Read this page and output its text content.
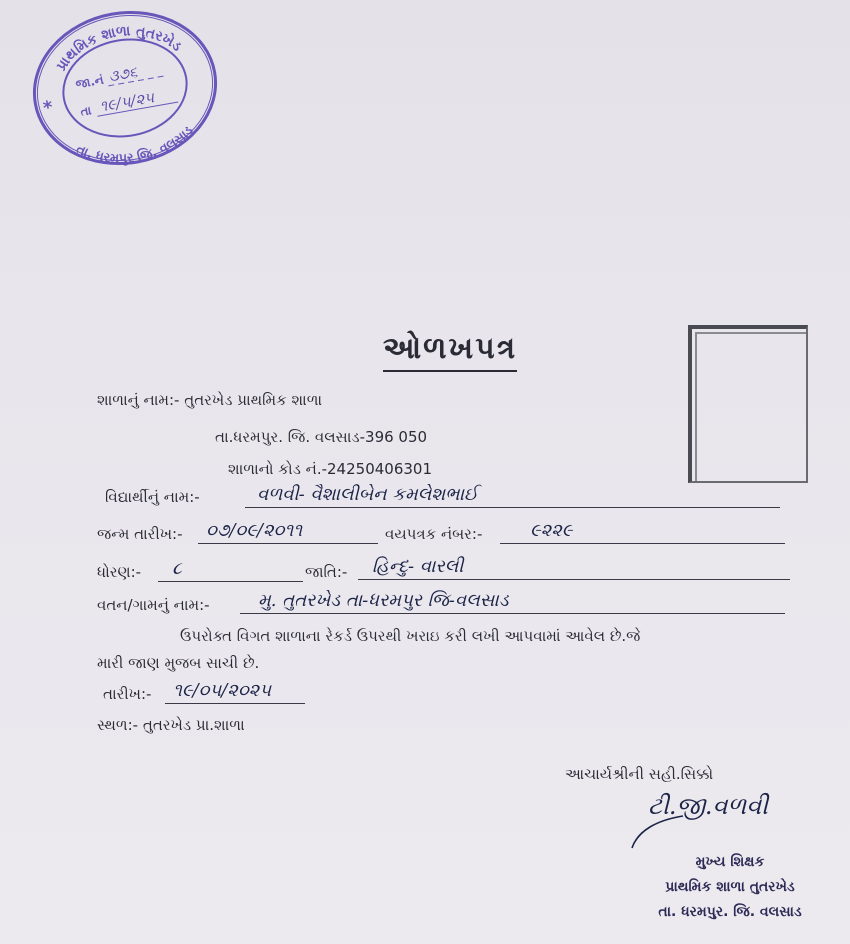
પ્રાથમિક શાળા તુતરખેડ
તા. ધરમપુર જિ. વલસાડ
*
જા.નં ૩૭૬
તા ૧૯/૫/૨૫
ઓળખપત્ર
શાળાનું નામ:- તુતરખેડ પ્રાથમિક શાળા
તા.ધરમપુર. જિ. વલસાડ-396 050
શાળાનો કોડ નં.-24250406301
વિદ્યાર્થીનું નામ:-	વળવી- વૈશાલીબેન કમલેશભાઈ
જન્મ તારીખ:-	૦૭/૦૯/૨૦૧૧	વયપત્રક નંબર:-	૯૨૨૯
ધોરણ:-	૮	જાતિ:-	હિન્દુ- વારલી
વતન/ગામનું નામ:-	મુ. તુતરખેડ તા-ધરમપુર જિ-વલસાડ
ઉપરોક્ત વિગત શાળાના રેકર્ડ ઉપરથી ખરાઇ કરી લખી આપવામાં આવેલ છે.જે
મારી જાણ મુજબ સાચી છે.
તારીખ:-	૧૯/૦૫/૨૦૨૫
સ્થળ:- તુતરખેડ પ્રા.શાળા
આચાર્યશ્રીની સહી.સિક્કો
ટી.જી.વળવી
મુખ્ય શિક્ષક
પ્રાથમિક શાળા તુતરખેડ
તા. ધરમપુર. જિ. વલસાડ
